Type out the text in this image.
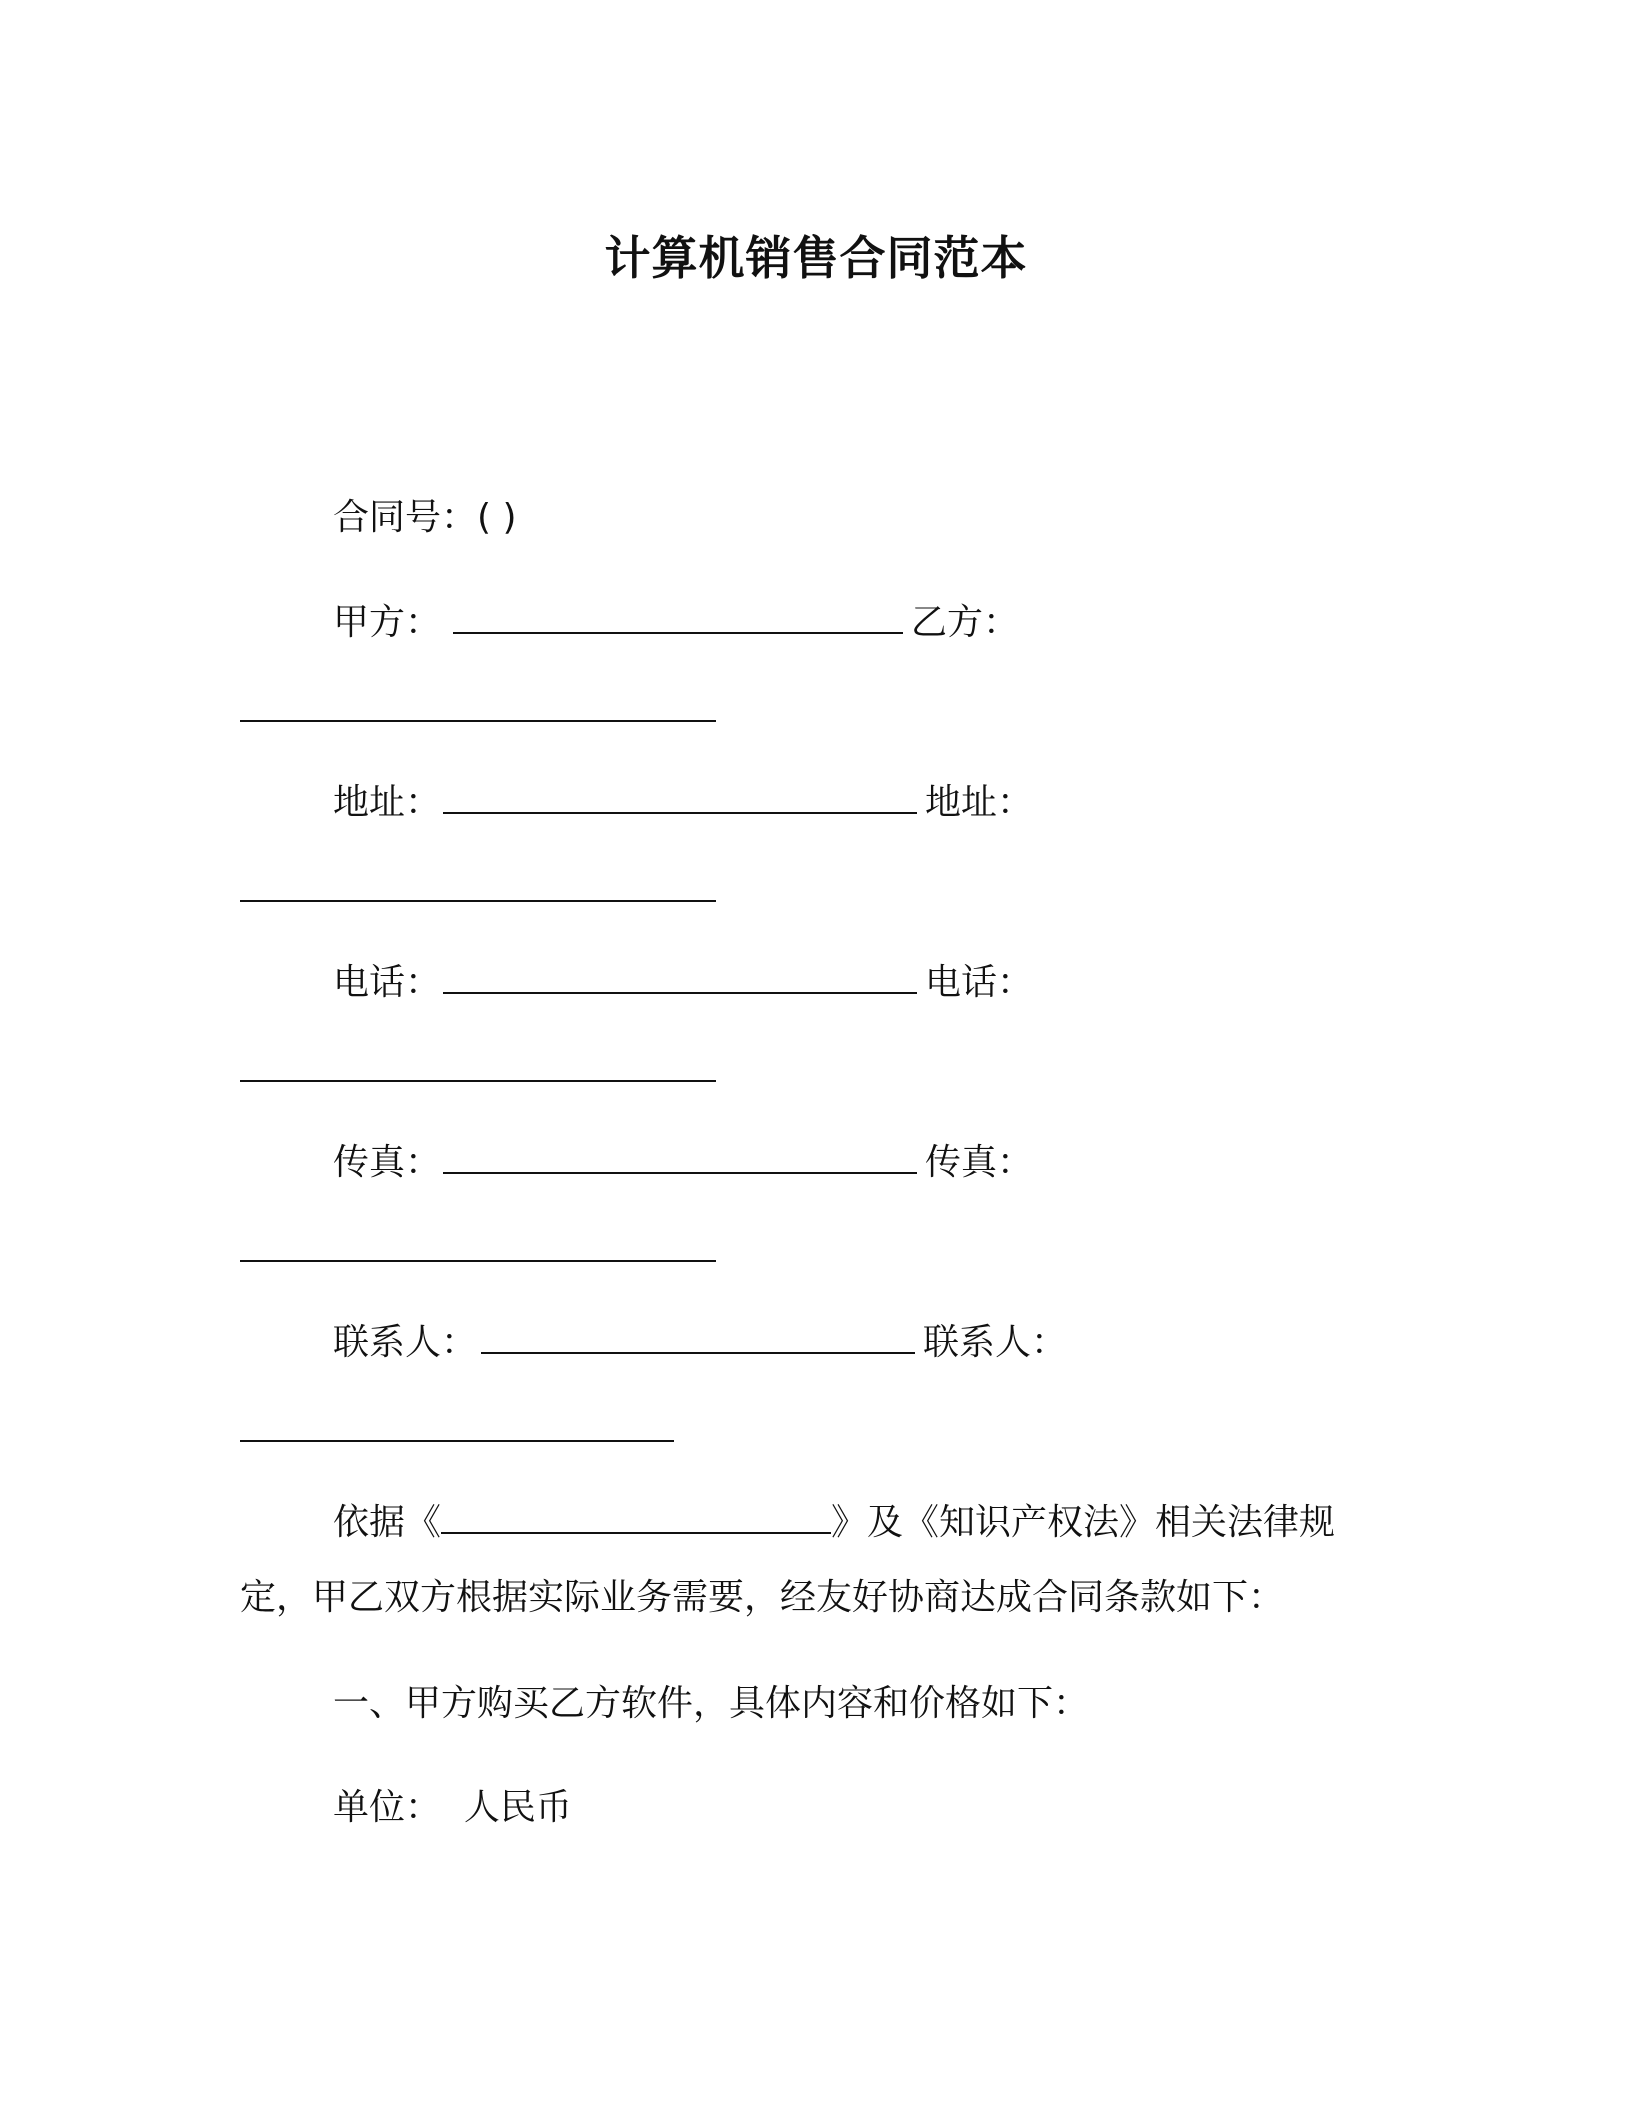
计算机销售合同范本
合同号：( )
甲方：	乙方：
地址：	地址：
电话：	电话：
传真：	传真：
联系人：	联系人：
依据《	》及《知识产权法》相关法律规
定，甲乙双方根据实际业务需要，经友好协商达成合同条款如下：
一、甲方购买乙方软件，具体内容和价格如下：
单位：  人民币
